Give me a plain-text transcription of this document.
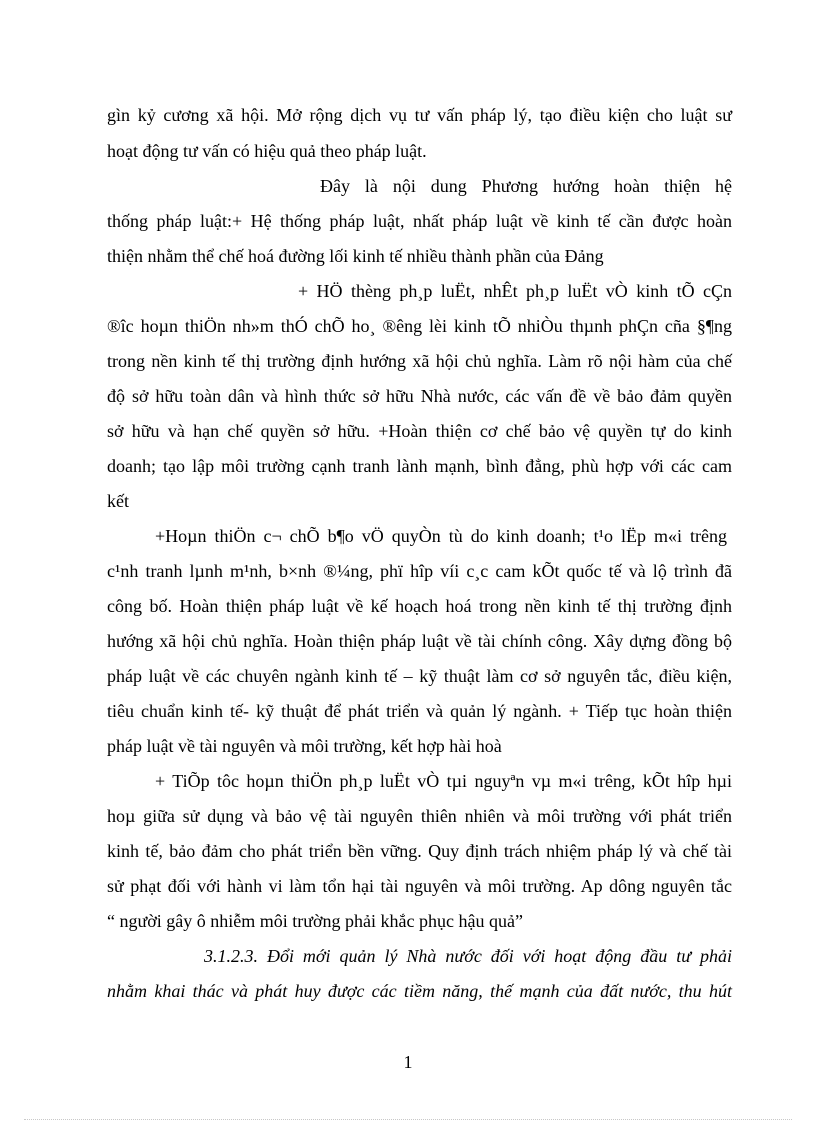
gìn kỷ cương xã hội. Mở rộng dịch vụ tư vấn pháp lý, tạo điều kiện cho luật sư
hoạt động tư vấn có hiệu quả theo pháp luật.
Đây là nội dung Phương hướng hoàn thiện hệ
thống pháp luật:+ Hệ thống pháp luật, nhất pháp luật về kinh tế cần được hoàn
thiện nhằm thể chế hoá đường lối kinh tế nhiều thành phần của Đảng
+ HÖ thèng ph¸p luËt, nhÊt ph¸p luËt vÒ kinh tÕ cÇn
®îc hoµn thiÖn nh»m thÓ chÕ ho¸ ®êng lèi kinh tÕ nhiÒu thµnh phÇn cña §¶ng
trong nền kinh tế thị trường định hướng xã hội chủ nghĩa. Làm rõ nội hàm của chế
độ sở hữu toàn dân và hình thức sở hữu Nhà nước, các vấn đề về bảo đảm quyền
sở hữu và hạn chế quyền sở hữu. +Hoàn thiện cơ chế bảo vệ quyền tự do kinh
doanh; tạo lập môi trường cạnh tranh lành mạnh, bình đẳng, phù hợp với các cam
kết
+Hoµn thiÖn c¬ chÕ b¶o vÖ quyÒn tù do kinh doanh; t¹o lËp m«i trêng
c¹nh tranh lµnh m¹nh, b×nh ®¼ng, phï hîp víi c¸c cam kÕt quốc tế và lộ trình đã
công bố. Hoàn thiện pháp luật về kế hoạch hoá trong nền kinh tế thị trường định
hướng xã hội chủ nghĩa. Hoàn thiện pháp luật về tài chính công. Xây dựng đồng bộ
pháp luật về các chuyên ngành kinh tế – kỹ thuật làm cơ sở nguyên tắc, điều kiện,
tiêu chuẩn kinh tế- kỹ thuật để phát triển và quản lý ngành. + Tiếp tục hoàn thiện
pháp luật về tài nguyên và môi trường, kết hợp hài hoà
+ TiÕp tôc hoµn thiÖn ph¸p luËt vÒ tµi nguyªn vµ m«i trêng, kÕt hîp hµi
hoµ giữa sử dụng và bảo vệ tài nguyên thiên nhiên và môi trường với phát triển
kinh tế, bảo đảm cho phát triển bền vững. Quy định trách nhiệm pháp lý và chế tài
sử phạt đối với hành vi làm tổn hại tài nguyên và môi trường. Ap dông nguyên tắc
“ người gây ô nhiễm môi trường phải khắc phục hậu quả”
3.1.2.3. Đổi mới quản lý Nhà nước đối với hoạt động đầu tư phải
nhằm khai thác và phát huy được các tiềm năng, thế mạnh của đất nước, thu hút
1
